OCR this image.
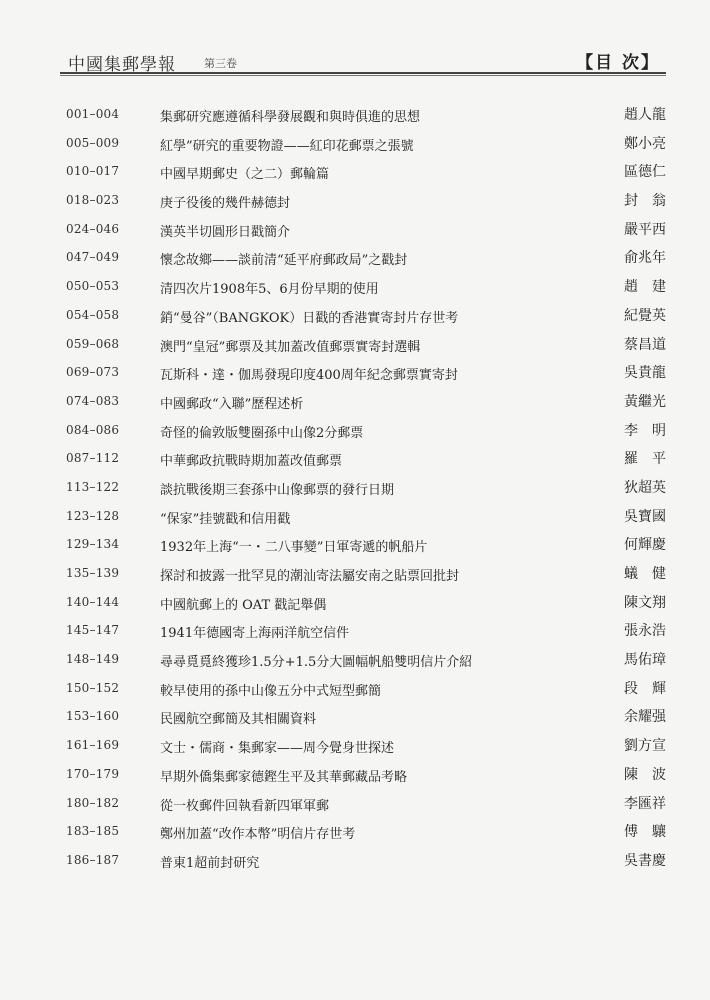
中國集郵學報	第三卷	【目 次】
001–004	集郵研究應遵循科學發展觀和與時俱進的思想	趙人龍
005–009	紅學”研究的重要物證——紅印花郵票之張號	鄭小亮
010–017	中國早期郵史（之二）郵輪篇	區德仁
018–023	庚子役後的幾件赫德封	封　翁
024–046	漢英半切圓形日戳簡介	嚴平西
047–049	懷念故鄉——談前清“延平府郵政局”之戳封	俞兆年
050–053	清四次片1908年5、6月份早期的使用	趙　建
054–058	銷“曼谷”（BANGKOK）日戳的香港實寄封片存世考	紀覺英
059–068	澳門“皇冠”郵票及其加蓋改值郵票實寄封選輯	蔡昌道
069–073	瓦斯科・達・伽馬發現印度400周年紀念郵票實寄封	吳貴龍
074–083	中國郵政“入聯”歷程述析	黃繼光
084–086	奇怪的倫敦版雙圈孫中山像2分郵票	李　明
087–112	中華郵政抗戰時期加蓋改值郵票	羅　平
113–122	談抗戰後期三套孫中山像郵票的發行日期	狄超英
123–128	“保家”挂號戳和信用戳	吳寶國
129–134	1932年上海“一・二八事變”日軍寄遞的帆船片	何輝慶
135–139	探討和披露一批罕見的潮汕寄法屬安南之貼票回批封	蟻　健
140–144	中國航郵上的 OAT 戳記舉偶	陳文翔
145–147	1941年德國寄上海兩洋航空信件	張永浩
148–149	尋尋覓覓終獲珍1.5分+1.5分大圖幅帆船雙明信片介紹	馬佑璋
150–152	較早使用的孫中山像五分中式短型郵簡	段　輝
153–160	民國航空郵簡及其相關資料	余耀强
161–169	文士・儒商・集郵家——周今覺身世探述	劉方宣
170–179	早期外僑集郵家德鏗生平及其華郵藏品考略	陳　波
180–182	從一枚郵件回執看新四軍軍郵	李匯祥
183–185	鄭州加蓋“改作本幣”明信片存世考	傅　驤
186–187	普東1超前封研究	吳書慶
